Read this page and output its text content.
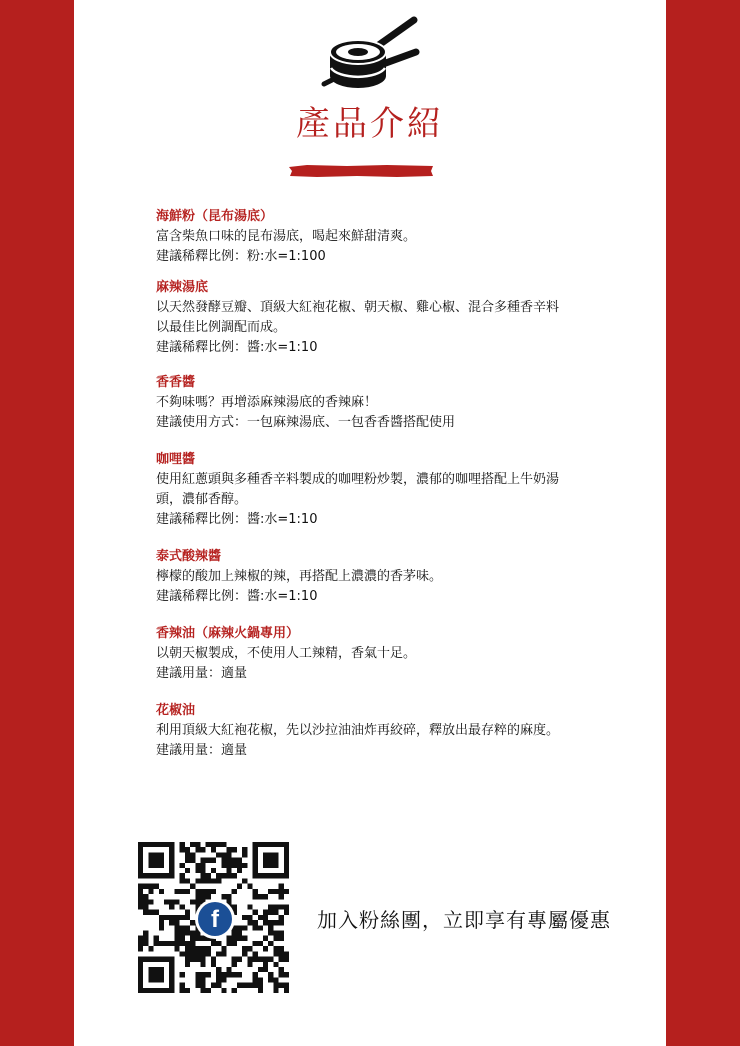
產品介紹
海鮮粉（昆布湯底）
富含柴魚口味的昆布湯底，喝起來鮮甜清爽。
建議稀釋比例：粉:水=1:100
麻辣湯底
以天然發酵豆瓣、頂級大紅袍花椒、朝天椒、雞心椒、混合多種香辛料
以最佳比例調配而成。
建議稀釋比例：醬:水=1:10
香香醬
不夠味嗎？再增添麻辣湯底的香辣麻！
建議使用方式：一包麻辣湯底、一包香香醬搭配使用
咖哩醬
使用紅蔥頭與多種香辛料製成的咖哩粉炒製，濃郁的咖哩搭配上牛奶湯
頭，濃郁香醇。
建議稀釋比例：醬:水=1:10
泰式酸辣醬
檸檬的酸加上辣椒的辣，再搭配上濃濃的香茅味。
建議稀釋比例：醬:水=1:10
香辣油（麻辣火鍋專用）
以朝天椒製成，不使用人工辣精，香氣十足。
建議用量：適量
花椒油
利用頂級大紅袍花椒，先以沙拉油油炸再絞碎，釋放出最存粹的麻度。
建議用量：適量
f	加入粉絲團，立即享有專屬優惠
